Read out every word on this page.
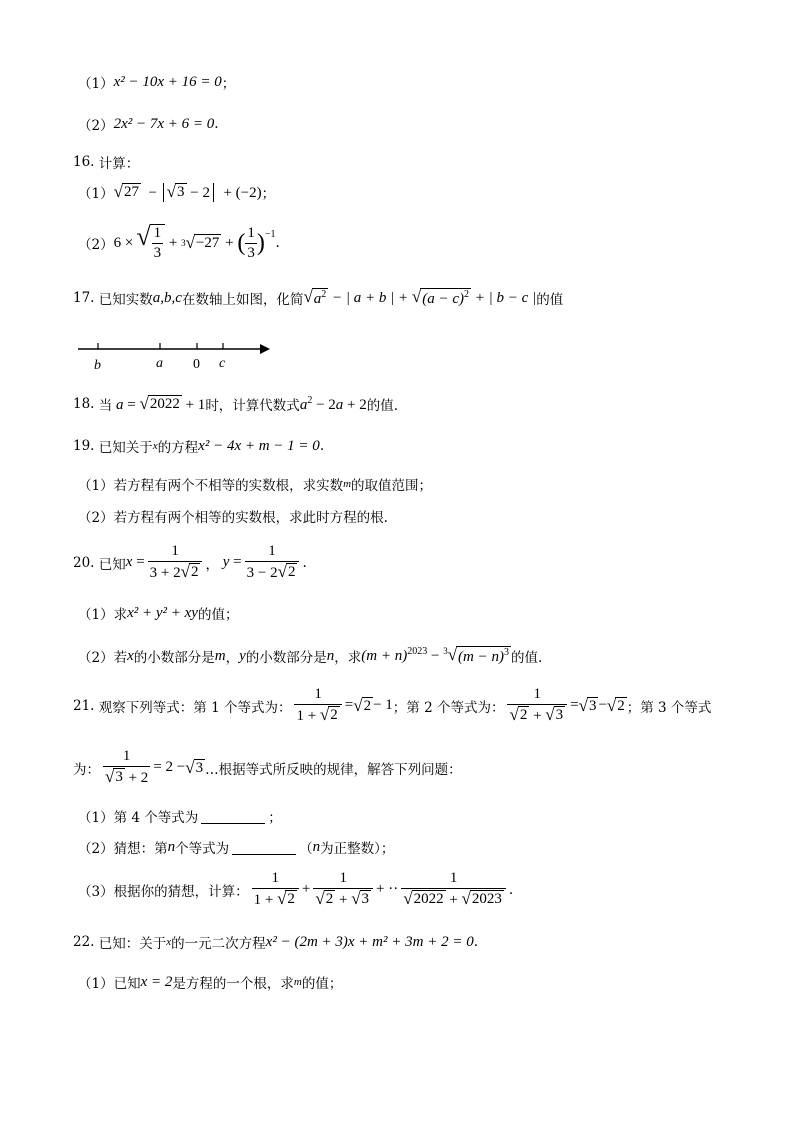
（1） x² − 10x + 16 = 0 ；
（2） 2x² − 7x + 6 = 0 .
16.
计算：
（1） √ 27 − √ 3 − 2  + (−2) ；
（2） 6 × √ $\frac{1}{3} + 3$ √ −27 + ( $\frac{1}{3}$ ) −1
.
17.
已知实数 a,b,c 在数轴上如图，化简 √ $a^2$ − | a + b | + √ $(a - c)^2$ + | b − c | 的值
b	a 0 c
18.
当 a = √ 2022 + 1 时，计算代数式 $a^2 - 2a + 2$ 的值.
19.
已知关于 x 的方程 x² − 4x + m − 1 = 0 .
（1） 若方程有两个不相等的实数根，求实数 m 的取值范围；
（2） 若方程有两个相等的实数根，求此时方程的根.
20.
已知 $x = \frac{1}{3 + 2 √ 2}$ ， $y = \frac{1}{3 - 2 √ 2}$ .
（1） 求 x² + y² + xy 的值；
（2） 若 x 的小数部分是 m ， y 的小数部分是 n ，求 $(m + n)^{2023} - ^3$ √ $(m - n)^3$ 的值.
21.
观察下列等式：第 1 个等式为： $\frac{1}{1 + √ 2}$ = √ 2 − 1 ；第 2 个等式为： $\frac{1}{√ 2 + √ 3}$ = √ 3 − √ 2 ；第 3 个等式
为： $\frac{1}{√ 3 + 2} = 2$ − √ 3 …根据等式所反映的规律，解答下列问题：
（1） 第 4 个等式为	；
（2） 猜想：第 n 个等式为	（ n 为正整数）；
（3） 根据你的猜想，计算： $\frac{1}{1 + √ 2} + \frac{1}{√ 2 + √ 3}$ + ·· $\frac{1}{√ 2022 + √ 2023}$ .
22.
已知：关于 x 的一元二次方程 x² − (2m + 3)x + m² + 3m + 2 = 0 .
（1） 已知 x = 2 是方程的一个根，求 m 的值；
